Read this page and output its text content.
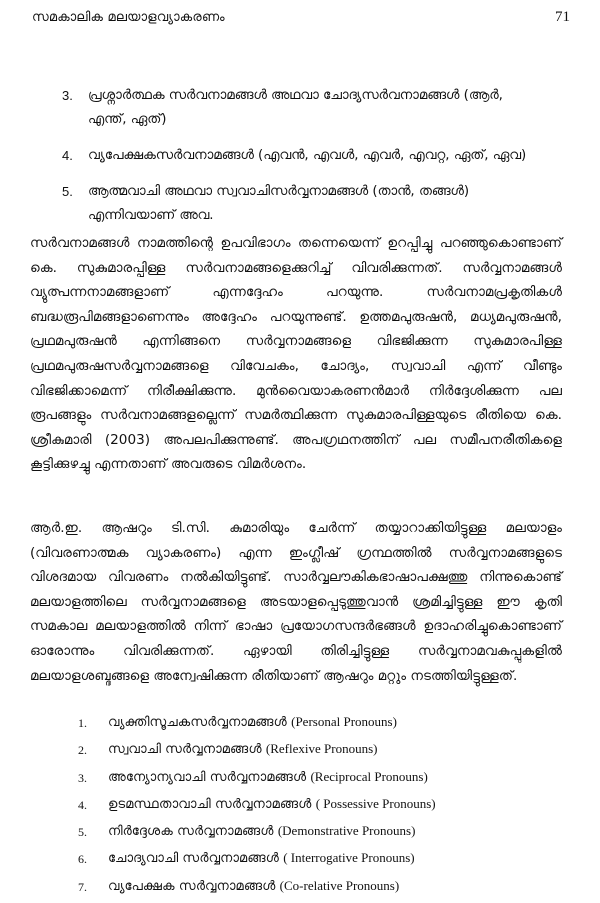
സമകാലിക മലയാളവ്യാകരണം	71
3. പ്രശ്നാർത്ഥക സർവനാമങ്ങൾ അഥവാ ചോദ്യസർവനാമങ്ങൾ (ആർ, എന്ത്, ഏത്)
4. വ്യപേക്ഷകസർവനാമങ്ങൾ (എവൻ, എവൾ, എവർ, എവറ്റ, ഏത്, ഏവ)
5. ആത്മവാചി അഥവാ സ്വവാചിസർവ്വനാമങ്ങൾ (താൻ, തങ്ങൾ) എന്നിവയാണ് അവ.

സർവനാമങ്ങൾ നാമത്തിന്റെ ഉപവിഭാഗം തന്നെയെന്ന് ഉറപ്പിച്ചു പറഞ്ഞുകൊണ്ടാണ് കെ. സുകുമാരപ്പിള്ള സർവനാമങ്ങളെക്കുറിച്ച് വിവരിക്കുന്നത്. സർവ്വനാമങ്ങൾ വ്യുത്പന്നനാമങ്ങളാണ് എന്നദ്ദേഹം പറയുന്നു. സർവനാമപ്രകൃതികൾ ബദ്ധരൂപിമങ്ങളാണെന്നും അദ്ദേഹം പറയുന്നുണ്ട്. ഉത്തമപുരുഷൻ, മധ്യമപുരുഷൻ, പ്രഥമപുരുഷൻ എന്നിങ്ങനെ സർവ്വനാമങ്ങളെ വിഭജിക്കുന്ന സുകുമാരപിള്ള പ്രഥമപുരുഷസർവ്വനാമങ്ങളെ വിവേചകം, ചോദ്യം, സ്വവാചി എന്ന് വീണ്ടും വിഭജിക്കാമെന്ന് നിരീക്ഷിക്കുന്നു. മുൻവൈയാകരണൻമാർ നിർദ്ദേശിക്കുന്ന പല രൂപങ്ങളും സർവനാമങ്ങളല്ലെന്ന് സമർത്ഥിക്കുന്ന സുകുമാരപിള്ളയുടെ രീതിയെ കെ. ശ്രീകുമാരി (2003) അപലപിക്കുന്നുണ്ട്. അപഗ്രഥനത്തിന് പല സമീപനരീതികളെ കൂട്ടിക്കുഴച്ചു എന്നതാണ് അവരുടെ വിമർശനം.

ആർ.ഇ. ആഷറും ടി.സി. കുമാരിയും ചേർന്ന് തയ്യാറാക്കിയിട്ടുള്ള മലയാളം (വിവരണാത്മക വ്യാകരണം) എന്ന ഇംഗ്ലീഷ് ഗ്രന്ഥത്തിൽ സർവ്വനാമങ്ങളുടെ വിശദമായ വിവരണം നൽകിയിട്ടുണ്ട്. സാർവ്വലൗകികഭാഷാപക്ഷത്തു നിന്നുകൊണ്ട് മലയാളത്തിലെ സർവ്വനാമങ്ങളെ അടയാളപ്പെടുത്തുവാൻ ശ്രമിച്ചിട്ടുള്ള ഈ കൃതി സമകാല മലയാളത്തിൽ നിന്ന് ഭാഷാ പ്രയോഗസന്ദർഭങ്ങൾ ഉദാഹരിച്ചുകൊണ്ടാണ് ഓരോന്നും വിവരിക്കുന്നത്. ഏഴായി തിരിച്ചിട്ടുള്ള സർവ്വനാമവകുപ്പുകളിൽ മലയാളശബ്ദങ്ങളെ അന്വേഷിക്കുന്ന രീതിയാണ് ആഷറും മറ്റും നടത്തിയിട്ടുള്ളത്.

1. വ്യക്തിസൂചകസർവ്വനാമങ്ങൾ (Personal Pronouns)
2. സ്വവാചി സർവ്വനാമങ്ങൾ (Reflexive Pronouns)
3. അന്യോന്യവാചി സർവ്വനാമങ്ങൾ (Reciprocal Pronouns)
4. ഉടമസ്ഥതാവാചി സർവ്വനാമങ്ങൾ ( Possessive Pronouns)
5. നിർദ്ദേശക സർവ്വനാമങ്ങൾ (Demonstrative Pronouns)
6. ചോദ്യവാചി സർവ്വനാമങ്ങൾ ( Interrogative Pronouns)
7. വ്യപേക്ഷക സർവ്വനാമങ്ങൾ (Co-relative Pronouns)
